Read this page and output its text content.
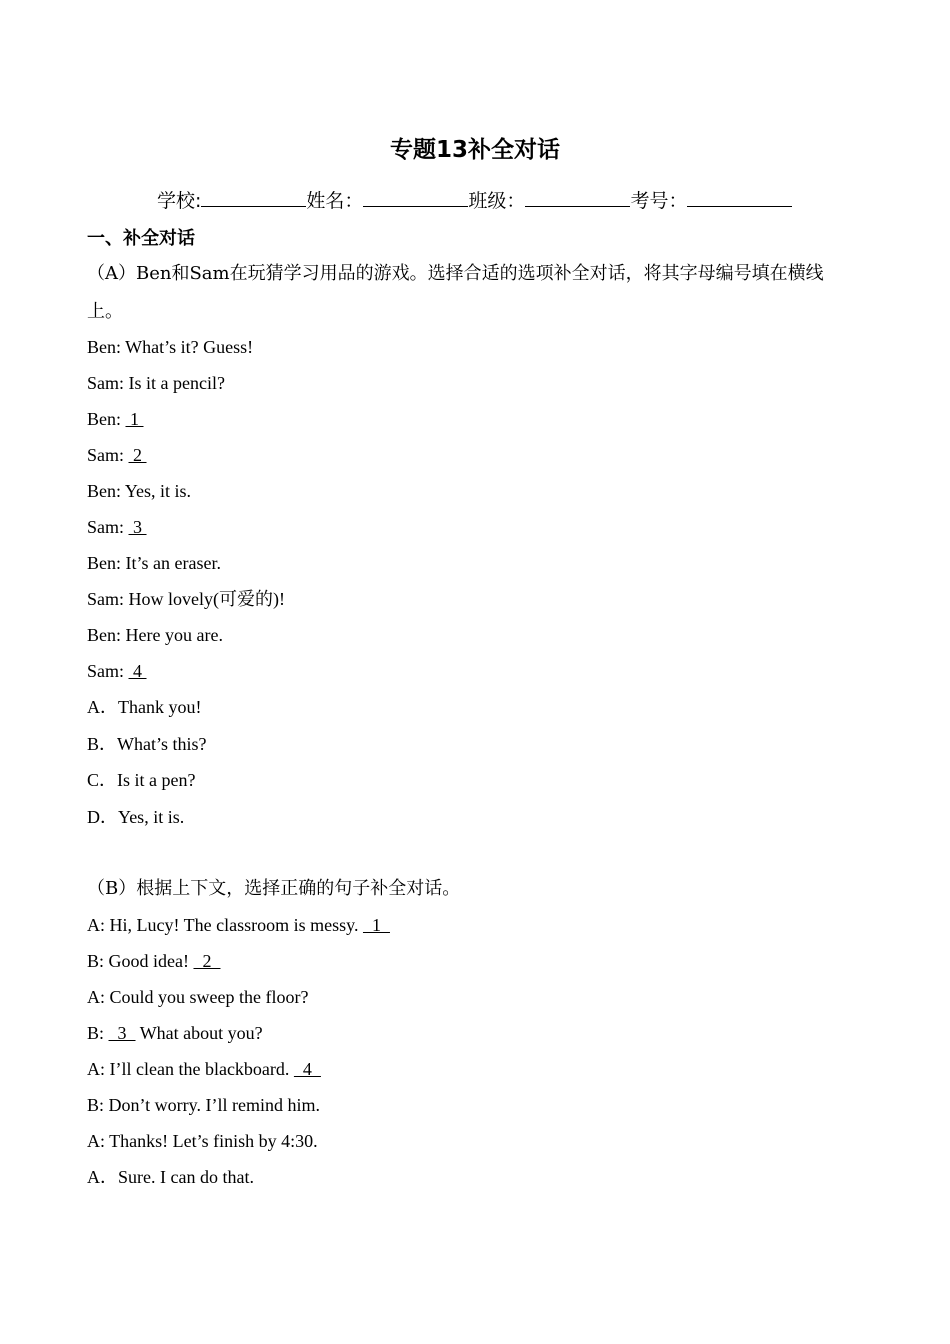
专题13补全对话
学校:	姓名：	班级：	考号：
一、补全对话
（A）Ben和Sam在玩猜学习用品的游戏。选择合适的选项补全对话，将其字母编号填在横线上。
Ben: What’s it? Guess!
Sam: Is it a pencil?
Ben:  1
Sam:  2
Ben: Yes, it is.
Sam:  3
Ben: It’s an eraser.
Sam: How lovely(可爱的)!
Ben: Here you are.
Sam:  4
A．Thank you!
B．What’s this?
C．Is it a pen?
D．Yes, it is.
（B）根据上下文，选择正确的句子补全对话。
A: Hi, Lucy! The classroom is messy.   1
B: Good idea!   2
A: Could you sweep the floor?
B:   3   What about you?
A: I’ll clean the blackboard.   4
B: Don’t worry. I’ll remind him.
A: Thanks! Let’s finish by 4:30.
A．Sure. I can do that.
